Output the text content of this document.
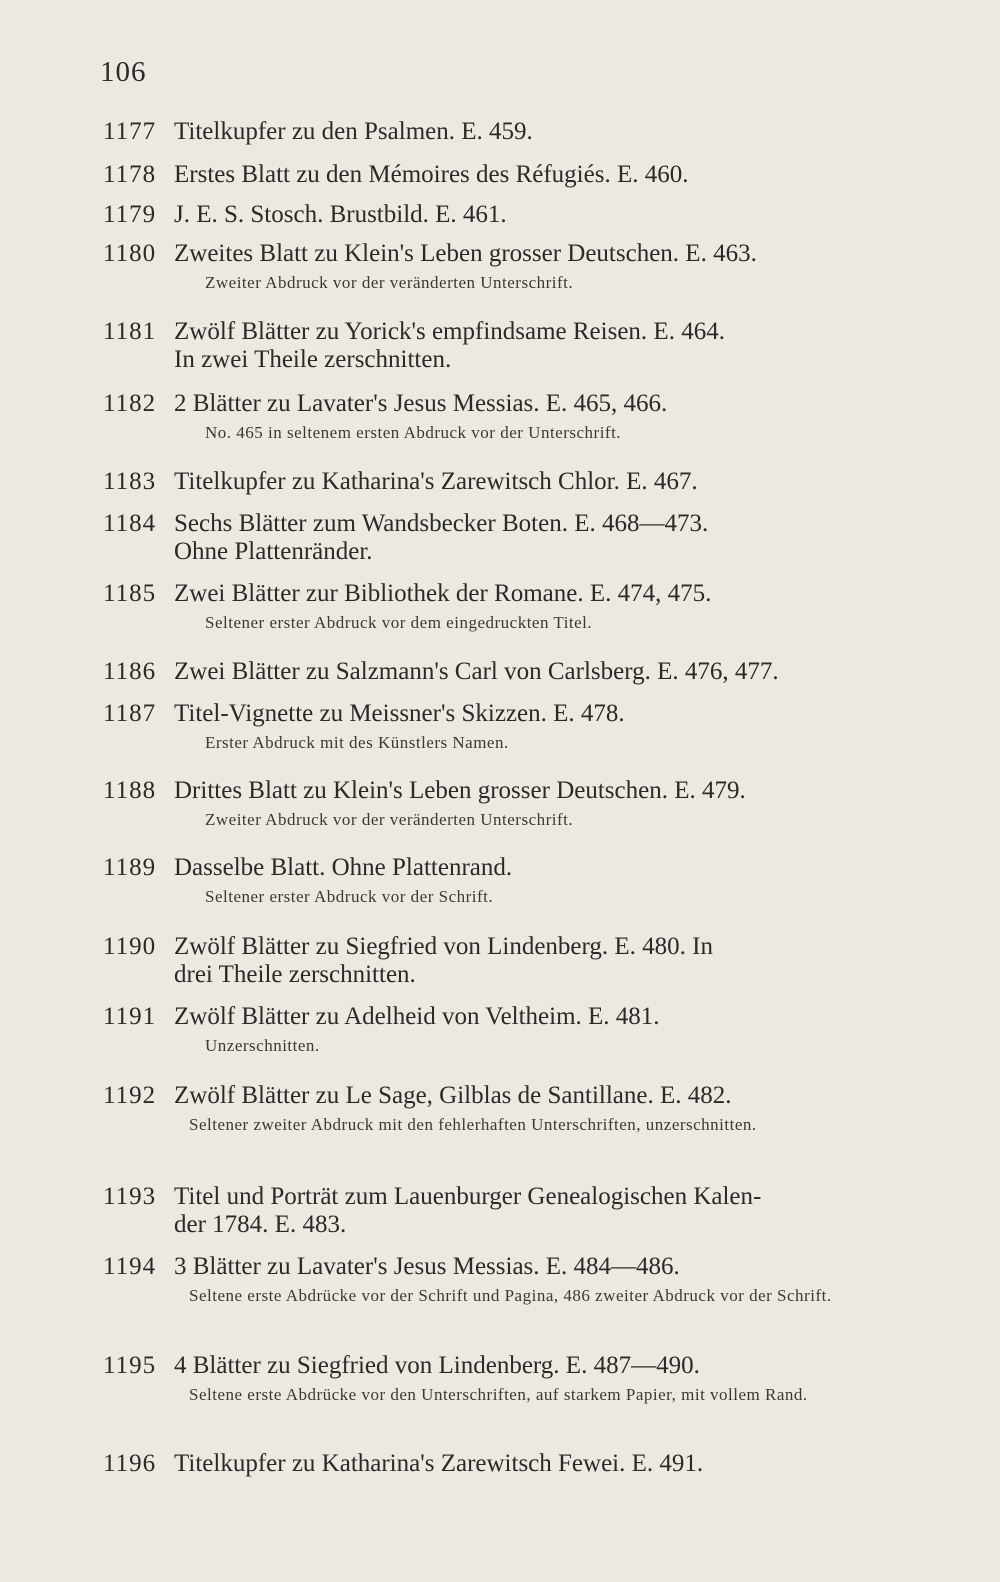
106
1177 Titelkupfer zu den Psalmen. E. 459.
1178 Erstes Blatt zu den Mémoires des Réfugiés. E. 460.
1179 J. E. S. Stosch. Brustbild. E. 461.
1180 Zweites Blatt zu Klein's Leben grosser Deutschen. E. 463.
Zweiter Abdruck vor der veränderten Unterschrift.
1181 Zwölf Blätter zu Yorick's empfindsame Reisen. E. 464.
In zwei Theile zerschnitten.
1182 2 Blätter zu Lavater's Jesus Messias. E. 465, 466.
No. 465 in seltenem ersten Abdruck vor der Unterschrift.
1183 Titelkupfer zu Katharina's Zarewitsch Chlor. E. 467.
1184 Sechs Blätter zum Wandsbecker Boten. E. 468—473.
Ohne Plattenränder.
1185 Zwei Blätter zur Bibliothek der Romane. E. 474, 475.
Seltener erster Abdruck vor dem eingedruckten Titel.
1186 Zwei Blätter zu Salzmann's Carl von Carlsberg. E. 476, 477.
1187 Titel-Vignette zu Meissner's Skizzen. E. 478.
Erster Abdruck mit des Künstlers Namen.
1188 Drittes Blatt zu Klein's Leben grosser Deutschen. E. 479.
Zweiter Abdruck vor der veränderten Unterschrift.
1189 Dasselbe Blatt. Ohne Plattenrand.
Seltener erster Abdruck vor der Schrift.
1190 Zwölf Blätter zu Siegfried von Lindenberg. E. 480. In
drei Theile zerschnitten.
1191 Zwölf Blätter zu Adelheid von Veltheim. E. 481.
Unzerschnitten.
1192 Zwölf Blätter zu Le Sage, Gilblas de Santillane. E. 482.
Seltener zweiter Abdruck mit den fehlerhaften Unterschriften, unzerschnitten.
1193 Titel und Porträt zum Lauenburger Genealogischen Kalen-
der 1784. E. 483.
1194 3 Blätter zu Lavater's Jesus Messias. E. 484—486.
Seltene erste Abdrücke vor der Schrift und Pagina, 486 zweiter Abdruck vor der Schrift.
1195 4 Blätter zu Siegfried von Lindenberg. E. 487—490.
Seltene erste Abdrücke vor den Unterschriften, auf starkem Papier, mit vollem Rand.
1196 Titelkupfer zu Katharina's Zarewitsch Fewei. E. 491.
